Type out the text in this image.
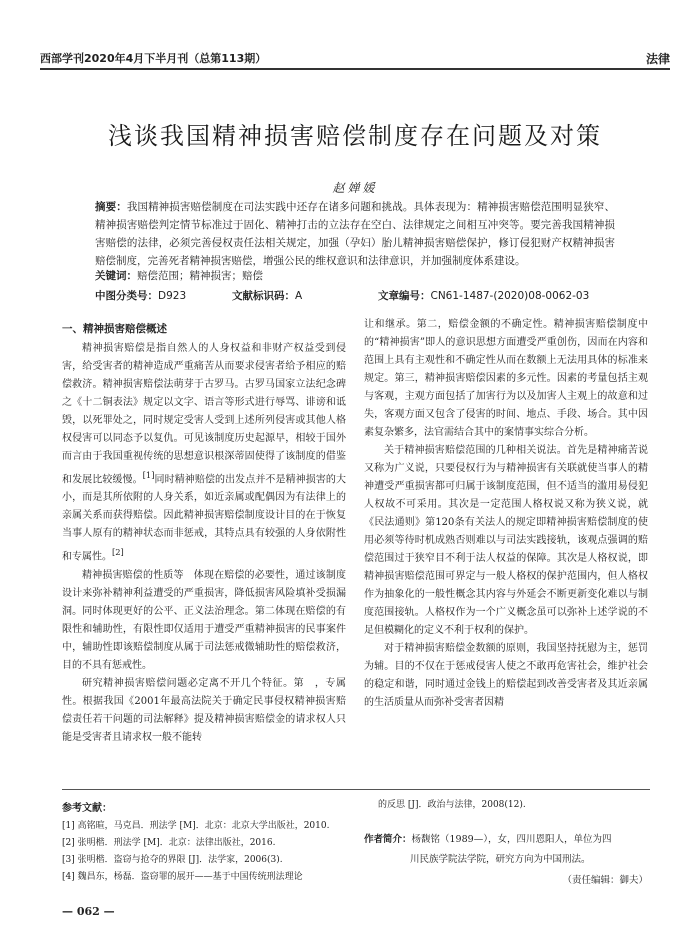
西部学刊2020年4月下半月刊（总第113期）	法律
浅谈我国精神损害赔偿制度存在问题及对策
赵婵媛
摘要：我国精神损害赔偿制度在司法实践中还存在诸多问题和挑战。具体表现为：精神损害赔偿范围明显狭窄、精神损害赔偿判定情节标准过于固化、精神打击的立法存在空白、法律规定之间相互冲突等。要完善我国精神损害赔偿的法律，必须完善侵权责任法相关规定，加强（孕妇）胎儿精神损害赔偿保护，修订侵犯财产权精神损害赔偿制度，完善死者精神损害赔偿，增强公民的维权意识和法律意识，并加强制度体系建设。
关键词：赔偿范围；精神损害；赔偿
中图分类号：D923	文献标识码：A	文章编号：CN61-1487-(2020)08-0062-03
一、精神损害赔偿概述

精神损害赔偿是指自然人的人身权益和非财产权益受到侵害，给受害者的精神造成严重痛苦从而要求侵害者给予相应的赔偿救济。精神损害赔偿法萌芽于古罗马。古罗马国家立法纪念碑之《十二铜表法》规定以文字、语言等形式进行辱骂、诽谤和诋毁，以死罪处之，同时规定受害人受到上述所列侵害或其他人格权侵害可以同态予以复仇。可见该制度历史起源早，相较于国外而言由于我国重视传统的思想意识根深蒂固使得了该制度的借鉴和发展比较缓慢。[1]同时精神赔偿的出发点并不是精神损害的大小，而是其所依附的人身关系，如近亲属或配偶因为有法律上的亲属关系而获得赔偿。因此精神损害赔偿制度设计目的在于恢复当事人原有的精神状态而非惩戒，其特点具有较强的人身依附性和专属性。[2]

精神损害赔偿的性质等　体现在赔偿的必要性，通过该制度设计来弥补精神利益遭受的严重损害，降低损害风险填补受损漏洞。同时体现更好的公平、正义法治理念。第二体现在赔偿的有限性和辅助性，有限性即仅适用于遭受严重精神损害的民事案件中，辅助性即该赔偿制度从属于司法惩戒微辅助性的赔偿救济，目的不具有惩戒性。

研究精神损害赔偿问题必定离不开几个特征。第　，专属性。根据我国《2001年最高法院关于确定民事侵权精神损害赔偿责任若干问题的司法解释》提及精神损害赔偿金的请求权人只能是受害者且请求权一般不能转

让和继承。第二，赔偿金额的不确定性。精神损害赔偿制度中的“精神损害”即人的意识思想方面遭受严重创伤，因而在内容和范围上具有主观性和不确定性从而在数额上无法用具体的标准来规定。第三，精神损害赔偿因素的多元性。因素的考量包括主观与客观，主观方面包括了加害行为以及加害人主观上的故意和过失，客观方面又包含了侵害的时间、地点、手段、场合。其中因素复杂繁多，法官需结合其中的案情事实综合分析。

关于精神损害赔偿范围的几种相关说法。首先是精神痛苦说又称为广义说，只要侵权行为与精神损害有关联就使当事人的精神遭受严重损害都可归属于该制度范围，但不适当的滥用易侵犯人权故不可采用。其次是一定范围人格权说又称为狭义说，就《民法通则》第120条有关法人的规定即精神损害赔偿制度的使用必须等待时机成熟否则难以与司法实践接轨，该观点强调的赔偿范围过于狭窄目不利于法人权益的保障。其次是人格权说，即精神损害赔偿范围可界定与一般人格权的保护范围内，但人格权作为抽象化的一般性概念其内容与外延会不断更新变化难以与制度范围接轨。人格权作为一个广义概念虽可以弥补上述学说的不足但模糊化的定义不利于权利的保护。

对于精神损害赔偿金数额的原则，我国坚持抚慰为主，惩罚为辅。目的不仅在于惩戒侵害人使之不敢再危害社会，维护社会的稳定和谐，同时通过金钱上的赔偿起到改善受害者及其近亲属的生活质量从而弥补受害者因精

参考文献：
[1] 高铭暄，马克昌．刑法学 [M]．北京：北京大学出版社，2010.
[2] 张明楷．刑法学 [M]．北京：法律出版社，2016.
[3] 张明楷．盗窃与抢夺的界限 [J]．法学家，2006(3).
[4] 魏昌东，杨磊．盗窃罪的展开——基于中国传统刑法理论
的反思 [J]．政治与法律，2008(12).
作者简介：杨馥铭（1989—），女，四川恩阳人，单位为四
川民族学院法学院，研究方向为中国刑法。
（责任编辑：御夫）
— 062 —
